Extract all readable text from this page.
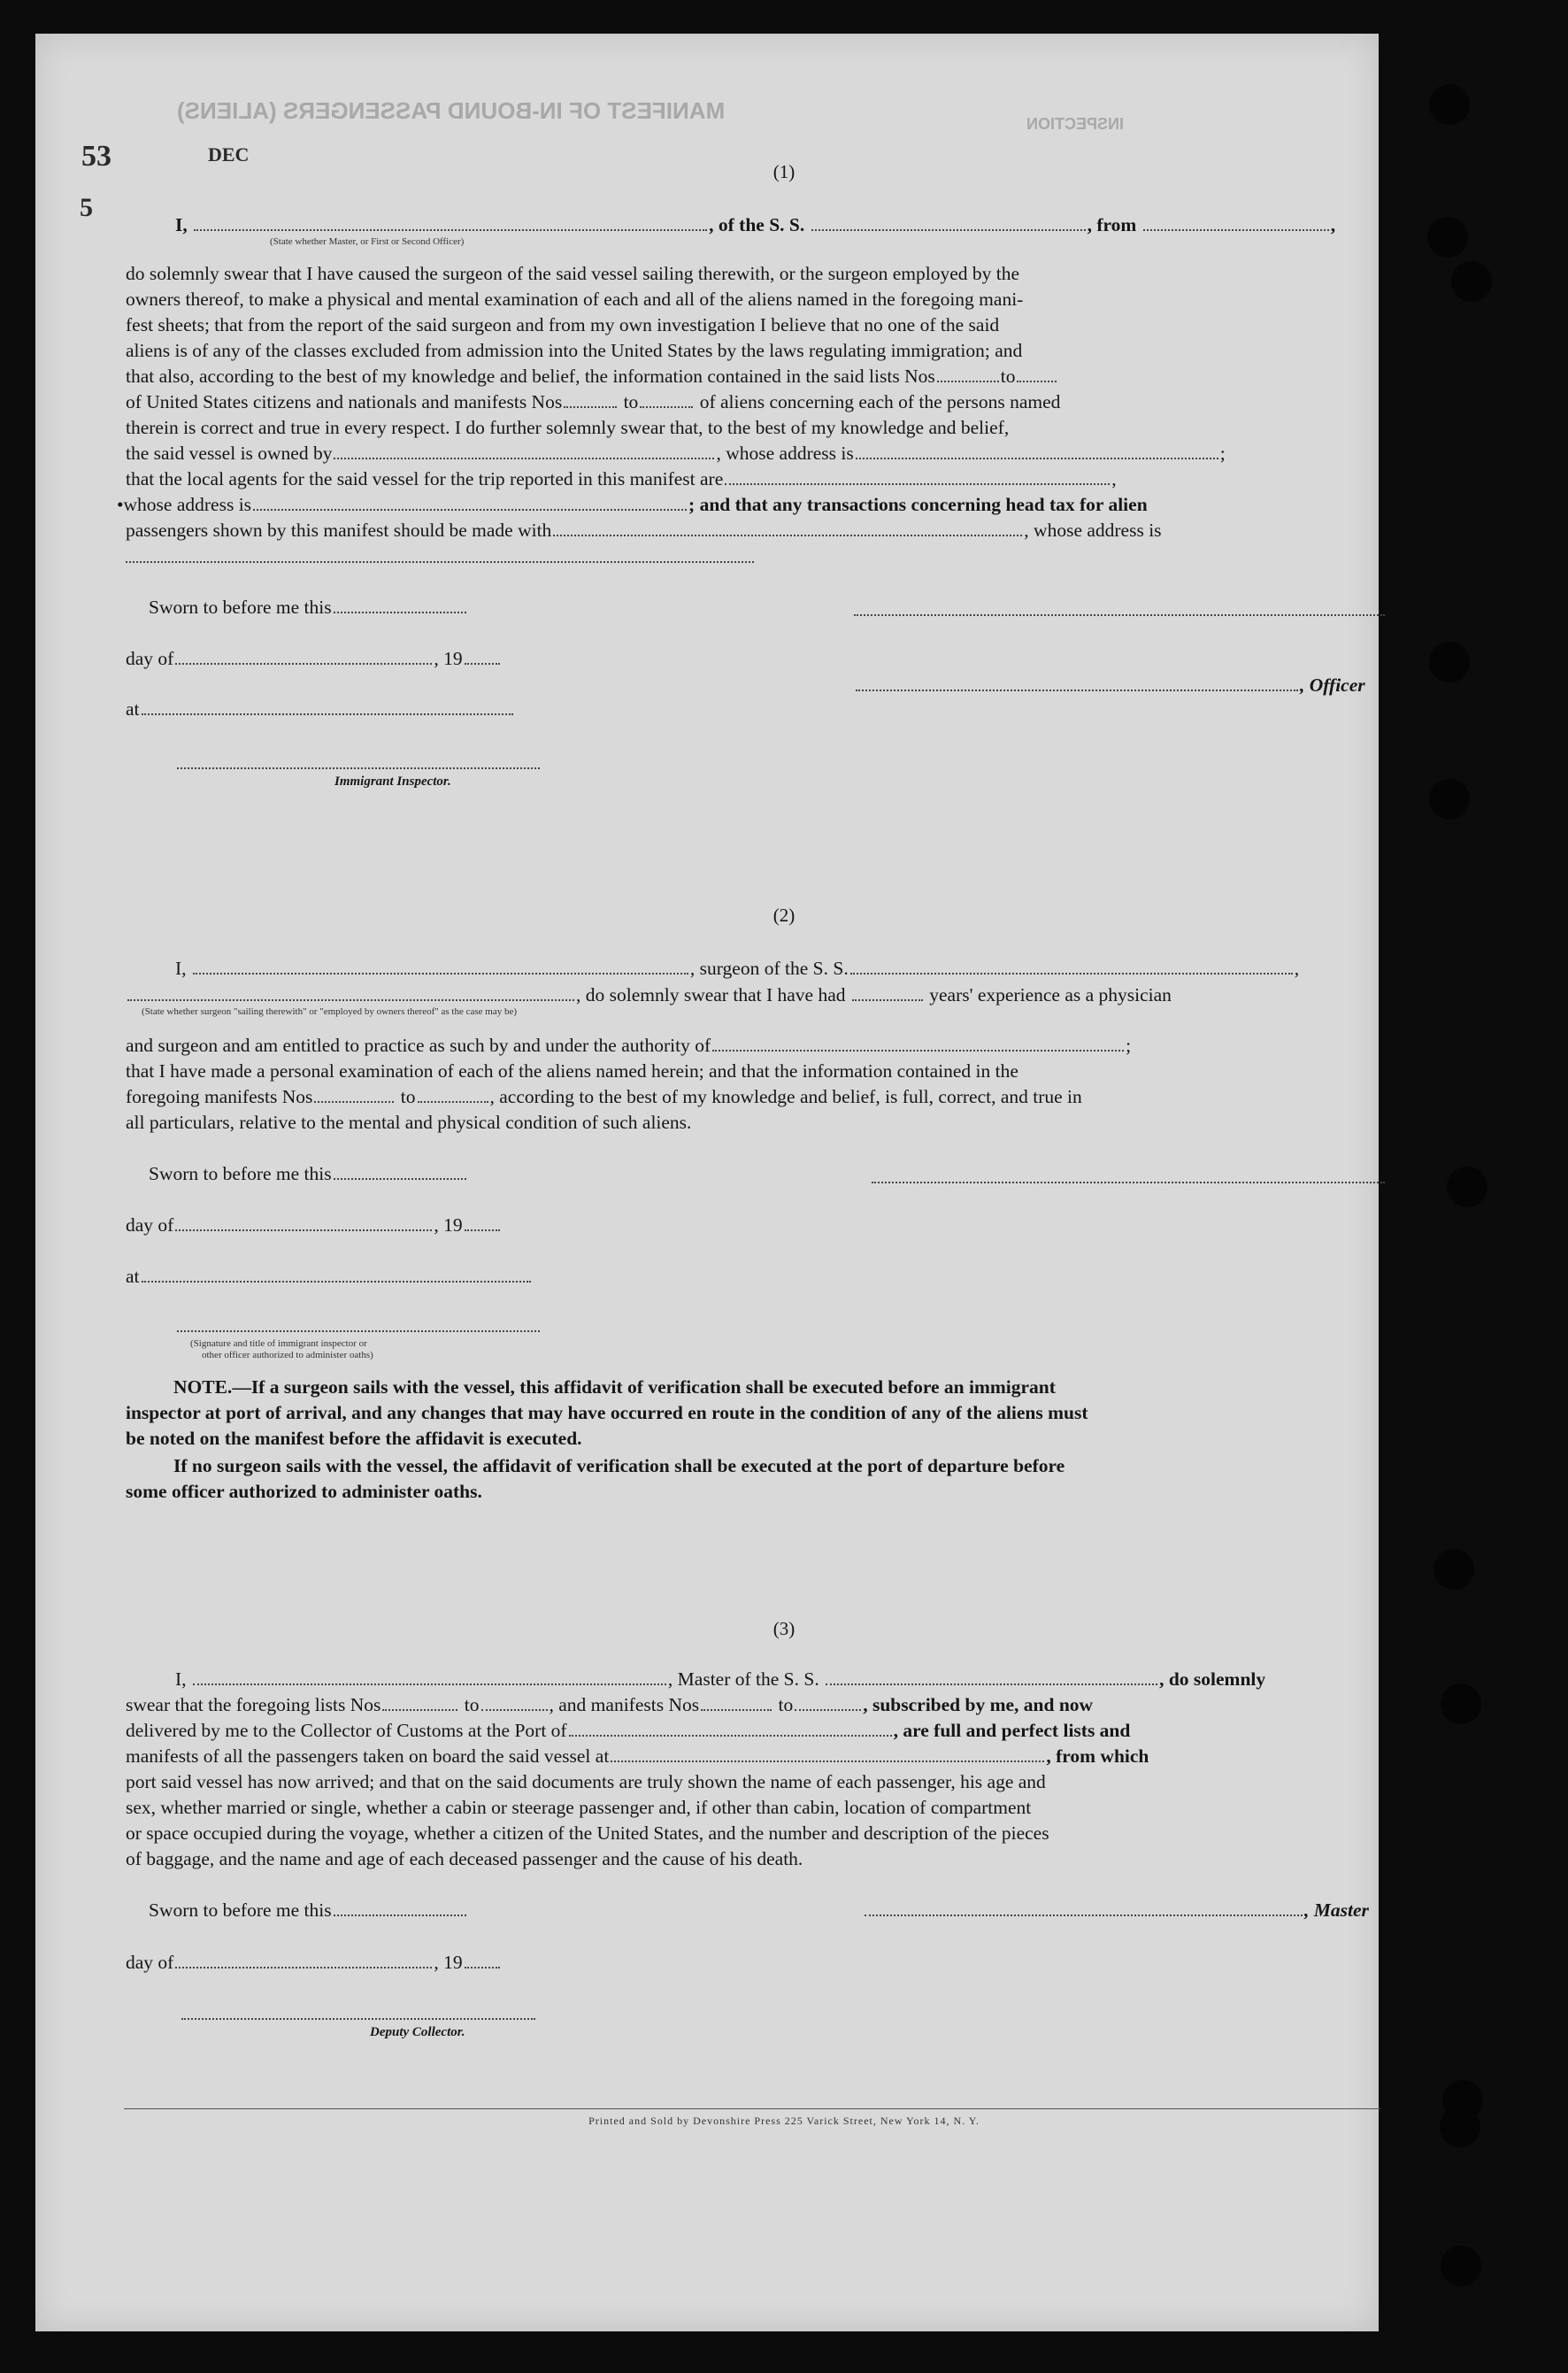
MANIFEST OF IN-BOUND PASSENGERS (ALIENS)	INSPECTION
53	DEC
5
(1)
I,	, of the S. S.	, from	,
(State whether Master, or First or Second Officer)
do solemnly swear that I have caused the surgeon of the said vessel sailing therewith, or the surgeon employed by the
owners thereof, to make a physical and mental examination of each and all of the aliens named in the foregoing mani-
fest sheets; that from the report of the said surgeon and from my own investigation I believe that no one of the said
aliens is of any of the classes excluded from admission into the United States by the laws regulating immigration; and
that also, according to the best of my knowledge and belief, the information contained in the said lists Nos	to
of United States citizens and nationals and manifests Nos	to	of aliens concerning each of the persons named
therein is correct and true in every respect. I do further solemnly swear that, to the best of my knowledge and belief,
the said vessel is owned by	, whose address is	;
that the local agents for the said vessel for the trip reported in this manifest are	,
•whose address is	; and that any transactions concerning head tax for alien
passengers shown by this manifest should be made with	, whose address is
Sworn to before me this
day of	, 19
, Officer
at
Immigrant Inspector.
(2)
I,	, surgeon of the S. S.	,
, do solemnly swear that I have had	years' experience as a physician
(State whether surgeon "sailing therewith" or "employed by owners thereof" as the case may be)
and surgeon and am entitled to practice as such by and under the authority of	;
that I have made a personal examination of each of the aliens named herein; and that the information contained in the
foregoing manifests Nos	to	, according to the best of my knowledge and belief, is full, correct, and true in
all particulars, relative to the mental and physical condition of such aliens.
Sworn to before me this
day of	, 19
at
(Signature and title of immigrant inspector or
other officer authorized to administer oaths)
NOTE.—If a surgeon sails with the vessel, this affidavit of verification shall be executed before an immigrant
inspector at port of arrival, and any changes that may have occurred en route in the condition of any of the aliens must
be noted on the manifest before the affidavit is executed.
If no surgeon sails with the vessel, the affidavit of verification shall be executed at the port of departure before
some officer authorized to administer oaths.
(3)
I,	, Master of the S. S.	, do solemnly
swear that the foregoing lists Nos	to	, and manifests Nos	to	, subscribed by me, and now
delivered by me to the Collector of Customs at the Port of	, are full and perfect lists and
manifests of all the passengers taken on board the said vessel at	, from which
port said vessel has now arrived; and that on the said documents are truly shown the name of each passenger, his age and
sex, whether married or single, whether a cabin or steerage passenger and, if other than cabin, location of compartment
or space occupied during the voyage, whether a citizen of the United States, and the number and description of the pieces
of baggage, and the name and age of each deceased passenger and the cause of his death.
Sworn to before me this	, Master
day of	, 19
Deputy Collector.
Printed and Sold by Devonshire Press 225 Varick Street, New York 14, N. Y.
